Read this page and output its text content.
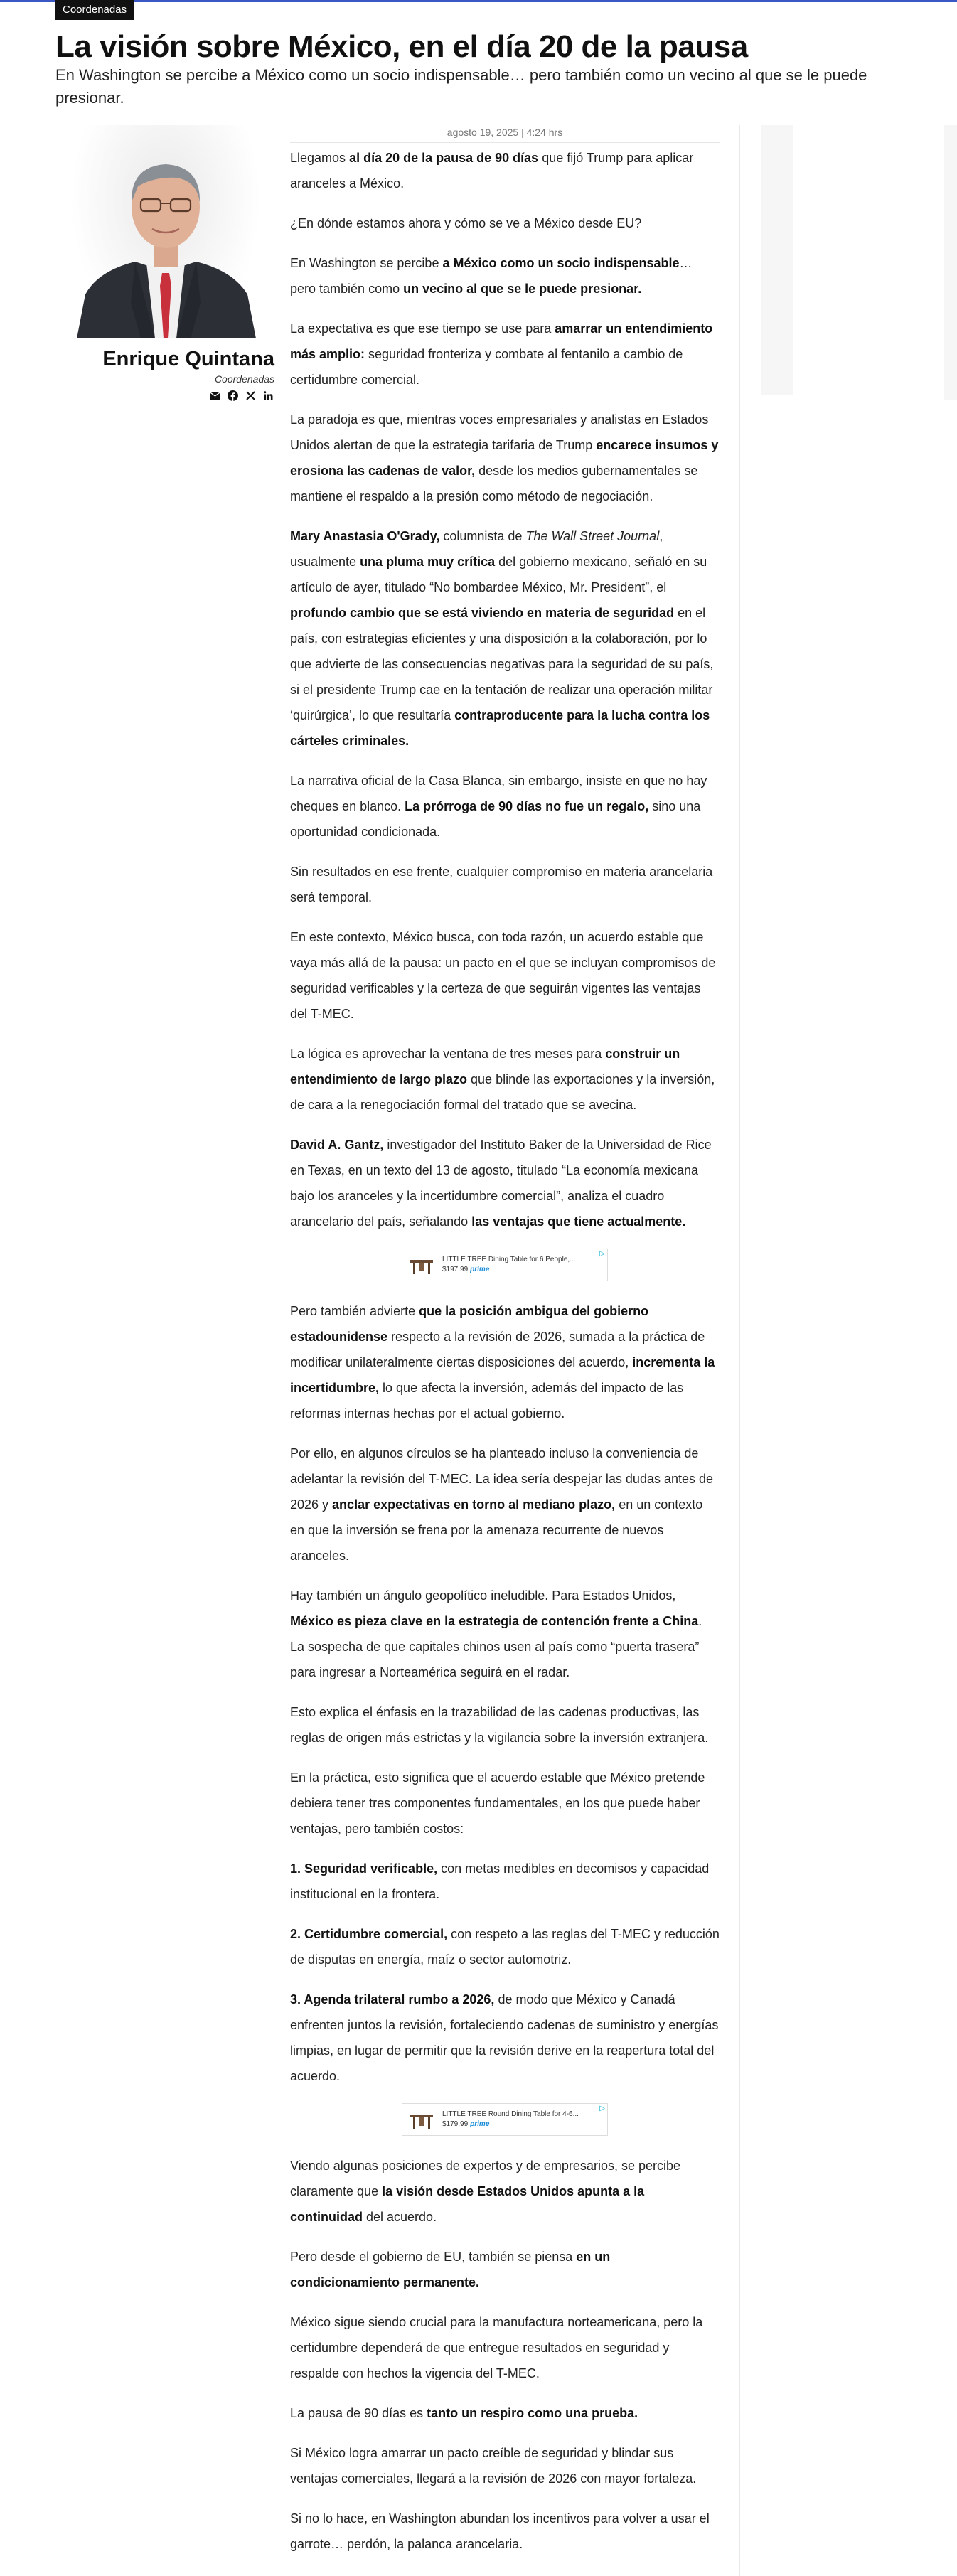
Coordenadas
La visión sobre México, en el día 20 de la pausa

En Washington se percibe a México como un socio indispensable… pero también como un vecino al que se le puede presionar.

Enrique Quintana
Coordenadas
agosto 19, 2025 | 4:24 hrs

Llegamos al día 20 de la pausa de 90 días que fijó Trump para aplicar aranceles a México.

¿En dónde estamos ahora y cómo se ve a México desde EU?

En Washington se percibe a México como un socio indispensable… pero también como un vecino al que se le puede presionar.

La expectativa es que ese tiempo se use para amarrar un entendimiento más amplio: seguridad fronteriza y combate al fentanilo a cambio de certidumbre comercial.

La paradoja es que, mientras voces empresariales y analistas en Estados Unidos alertan de que la estrategia tarifaria de Trump encarece insumos y erosiona las cadenas de valor, desde los medios gubernamentales se mantiene el respaldo a la presión como método de negociación.

Mary Anastasia O'Grady, columnista de The Wall Street Journal, usualmente una pluma muy crítica del gobierno mexicano, señaló en su artículo de ayer, titulado “No bombardee México, Mr. President”, el profundo cambio que se está viviendo en materia de seguridad en el país, con estrategias eficientes y una disposición a la colaboración, por lo que advierte de las consecuencias negativas para la seguridad de su país, si el presidente Trump cae en la tentación de realizar una operación militar ‘quirúrgica’, lo que resultaría contraproducente para la lucha contra los cárteles criminales.

La narrativa oficial de la Casa Blanca, sin embargo, insiste en que no hay cheques en blanco. La prórroga de 90 días no fue un regalo, sino una oportunidad condicionada.

Sin resultados en ese frente, cualquier compromiso en materia arancelaria será temporal.

En este contexto, México busca, con toda razón, un acuerdo estable que vaya más allá de la pausa: un pacto en el que se incluyan compromisos de seguridad verificables y la certeza de que seguirán vigentes las ventajas del T-MEC.

La lógica es aprovechar la ventana de tres meses para construir un entendimiento de largo plazo que blinde las exportaciones y la inversión, de cara a la renegociación formal del tratado que se avecina.

David A. Gantz, investigador del Instituto Baker de la Universidad de Rice en Texas, en un texto del 13 de agosto, titulado “La economía mexicana bajo los aranceles y la incertidumbre comercial”, analiza el cuadro arancelario del país, señalando las ventajas que tiene actualmente.

LITTLE TREE Dining Table for 6 People,...
$197.99 prime
▷

Pero también advierte que la posición ambigua del gobierno estadounidense respecto a la revisión de 2026, sumada a la práctica de modificar unilateralmente ciertas disposiciones del acuerdo, incrementa la incertidumbre, lo que afecta la inversión, además del impacto de las reformas internas hechas por el actual gobierno.

Por ello, en algunos círculos se ha planteado incluso la conveniencia de adelantar la revisión del T-MEC. La idea sería despejar las dudas antes de 2026 y anclar expectativas en torno al mediano plazo, en un contexto en que la inversión se frena por la amenaza recurrente de nuevos aranceles.

Hay también un ángulo geopolítico ineludible. Para Estados Unidos, México es pieza clave en la estrategia de contención frente a China. La sospecha de que capitales chinos usen al país como “puerta trasera” para ingresar a Norteamérica seguirá en el radar.

Esto explica el énfasis en la trazabilidad de las cadenas productivas, las reglas de origen más estrictas y la vigilancia sobre la inversión extranjera.

En la práctica, esto significa que el acuerdo estable que México pretende debiera tener tres componentes fundamentales, en los que puede haber ventajas, pero también costos:

1. Seguridad verificable, con metas medibles en decomisos y capacidad institucional en la frontera.

2. Certidumbre comercial, con respeto a las reglas del T-MEC y reducción de disputas en energía, maíz o sector automotriz.

3. Agenda trilateral rumbo a 2026, de modo que México y Canadá enfrenten juntos la revisión, fortaleciendo cadenas de suministro y energías limpias, en lugar de permitir que la revisión derive en la reapertura total del acuerdo.

LITTLE TREE Round Dining Table for 4-6...
$179.99 prime
▷

Viendo algunas posiciones de expertos y de empresarios, se percibe claramente que la visión desde Estados Unidos apunta a la continuidad del acuerdo.

Pero desde el gobierno de EU, también se piensa en un condicionamiento permanente.

México sigue siendo crucial para la manufactura norteamericana, pero la certidumbre dependerá de que entregue resultados en seguridad y respalde con hechos la vigencia del T-MEC.

La pausa de 90 días es tanto un respiro como una prueba.

Si México logra amarrar un pacto creíble de seguridad y blindar sus ventajas comerciales, llegará a la revisión de 2026 con mayor fortaleza.

Si no lo hace, en Washington abundan los incentivos para volver a usar el garrote… perdón, la palanca arancelaria.
